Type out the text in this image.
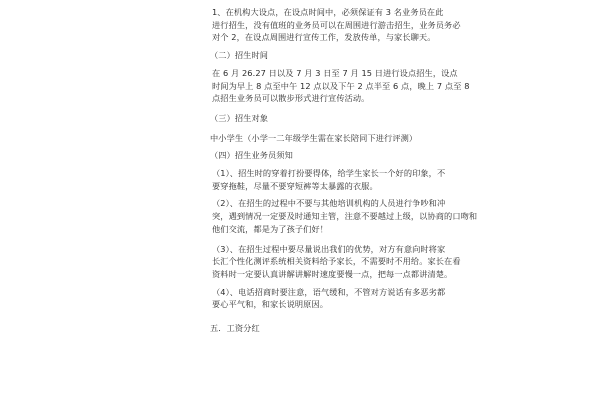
1、在机构大设点，在设点时间中，必须保证有 3 名业务员在此
进行招生，没有值班的业务员可以在周围进行游击招生，业务员务必
对个 2，在设点周围进行宣传工作，发放传单，与家长聊天。
（二）招生时间
在 6 月 26.27 日以及 7 月 3 日至 7 月 15 日进行设点招生，设点
时间为早上 8 点至中午 12 点以及下午 2 点半至 6 点，晚上 7 点至 8
点招生业务员可以散步形式进行宣传活动。
（三）招生对象
中小学生（小学一二年级学生需在家长陪同下进行评测）
（四）招生业务员须知
（1）、招生时的穿着打扮要得体，给学生家长一个好的印象，不
要穿拖鞋，尽量不要穿短裤等太暴露的衣服。
（2）、在招生的过程中不要与其他培训机构的人员进行争吵和冲
突，遇到情况一定要及时通知主管，注意不要越过上级，以协商的口吻和
他们交流，都是为了孩子们好！
（3）、在招生过程中要尽量说出我们的优势，对方有意向时将家
长汇个性化测评系统相关资料给予家长，不需要时不用给。家长在看
资料时一定要认真讲解讲解时速度要慢一点，把每一点都讲清楚。
（4）、电话招商时要注意，语气缓和，不管对方说话有多恶劣都
要心平气和，和家长说明原因。
五．工资分红
